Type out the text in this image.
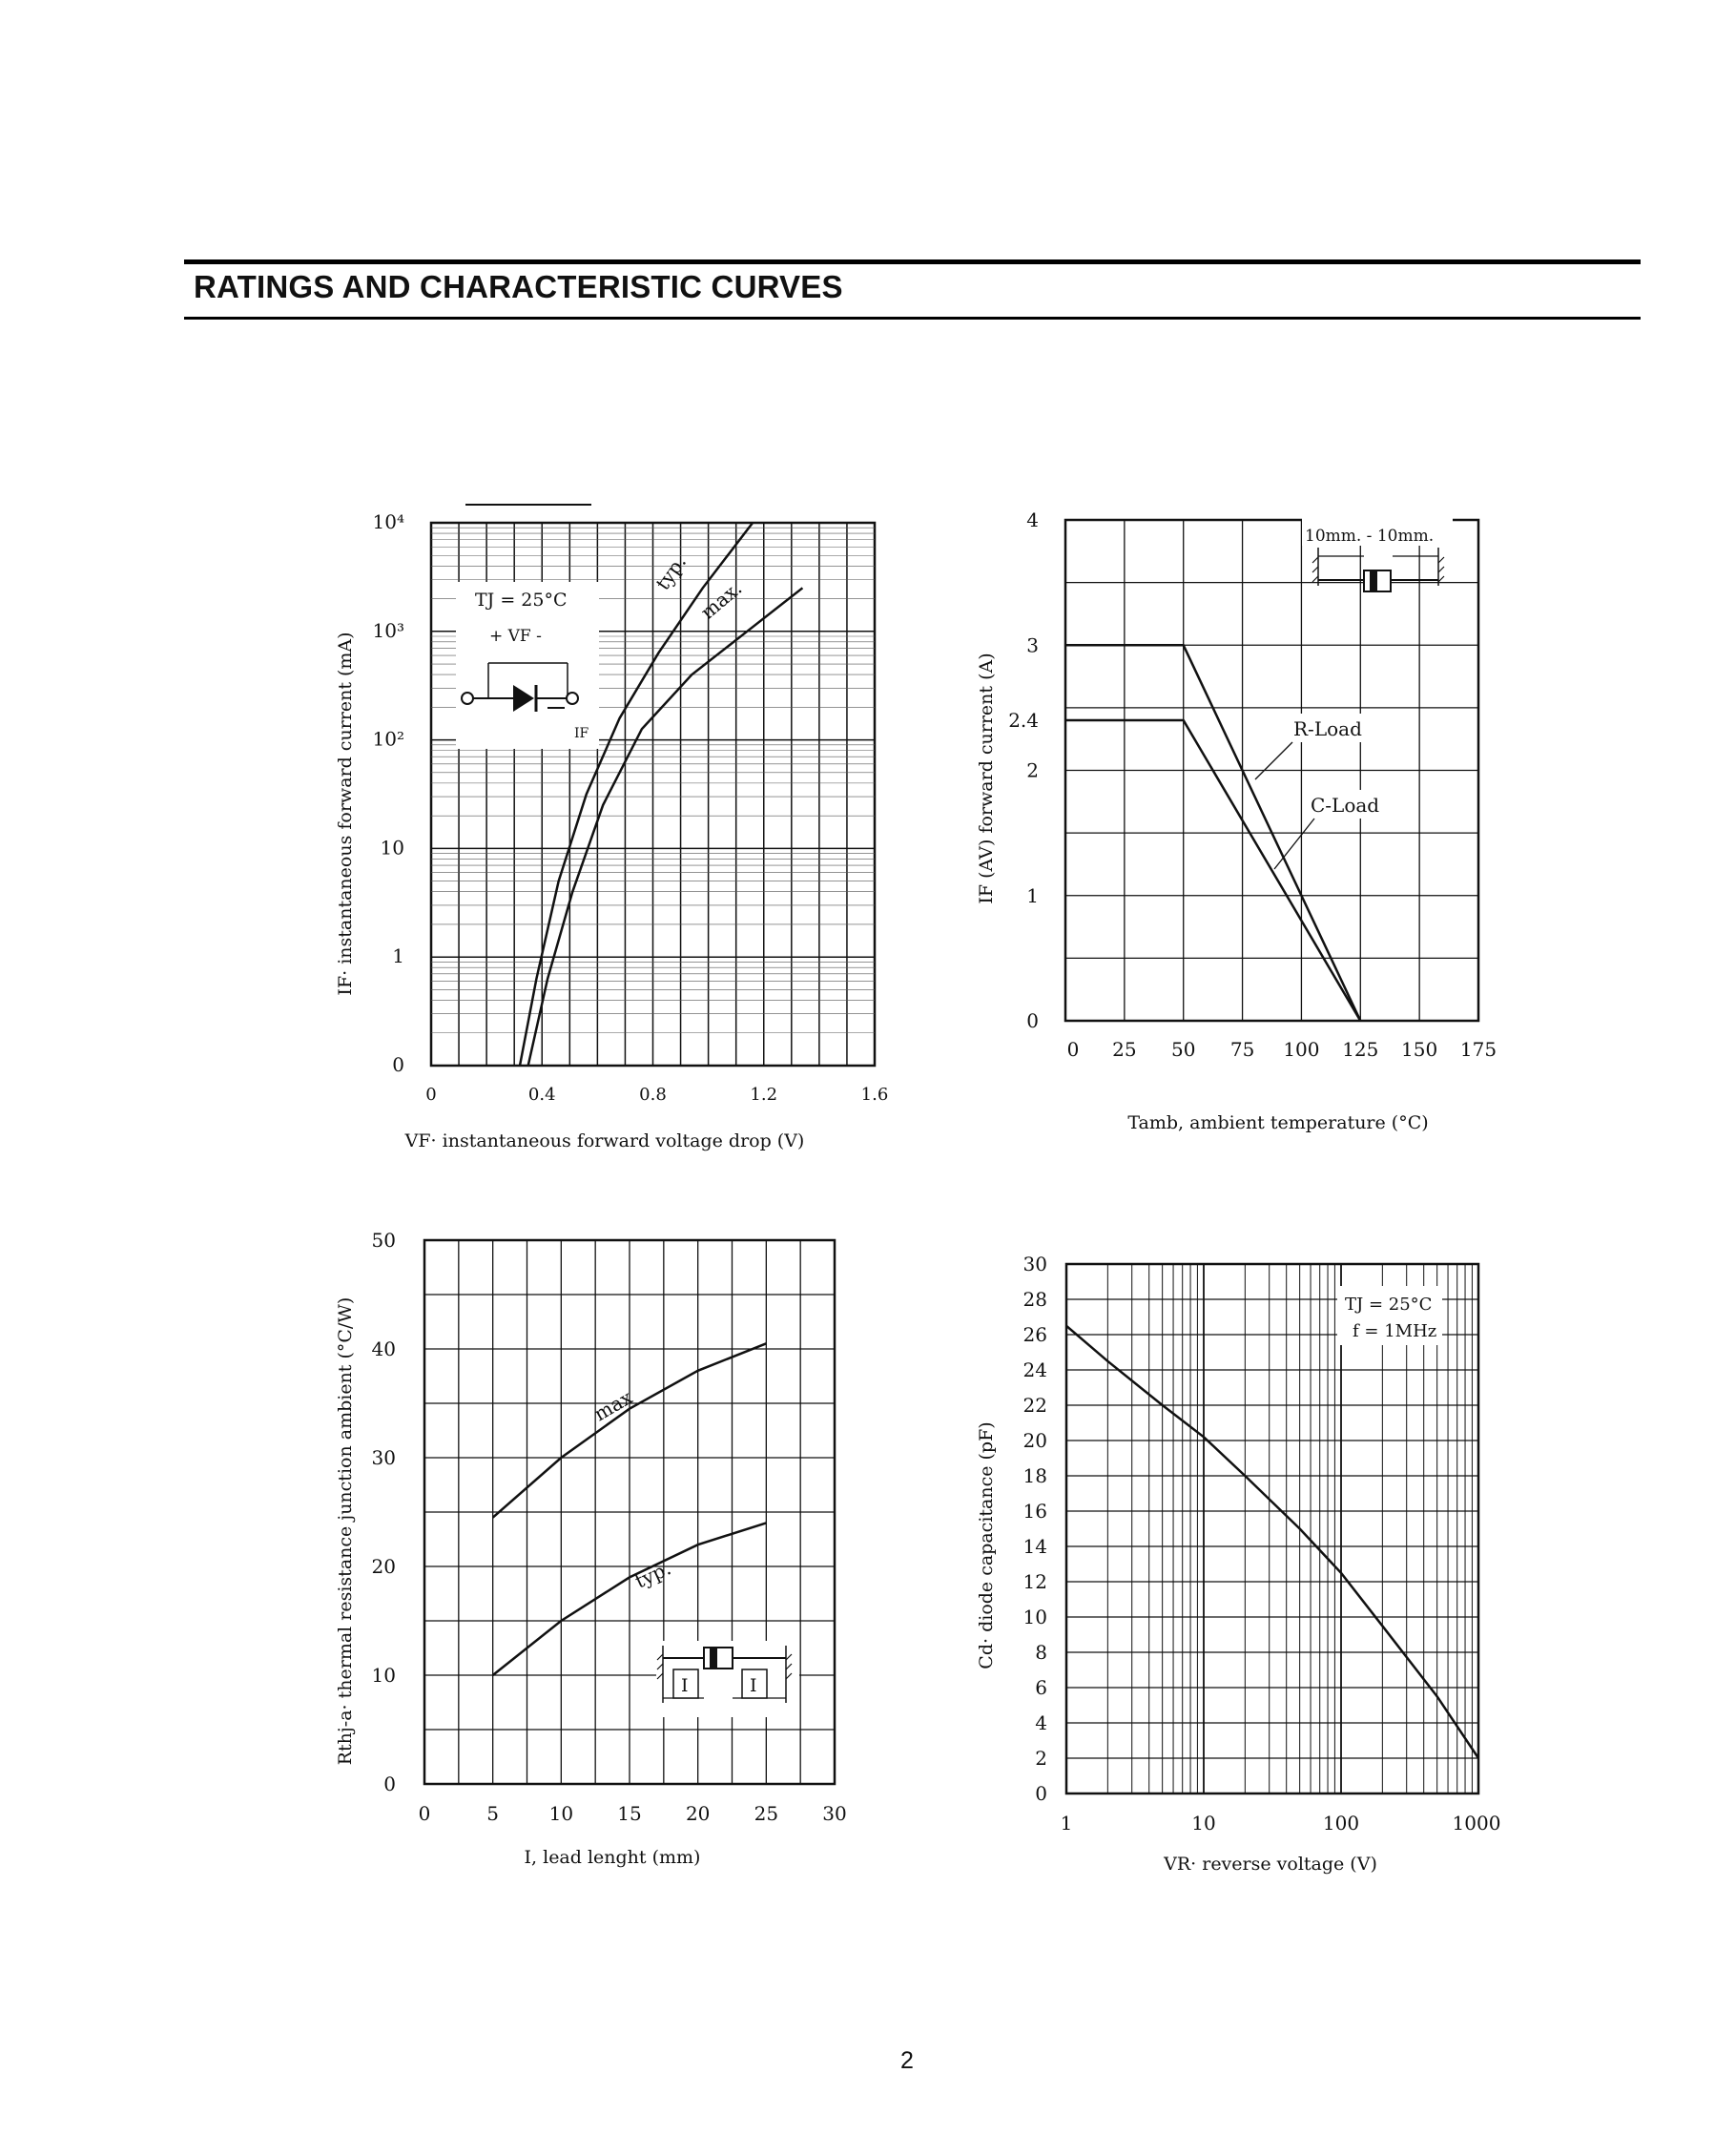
RATINGS AND CHARACTERISTIC CURVES
typ.
max.
0
1
10
10²
10³
10⁴
0	0.4	0.8	1.2	1.6
TJ = 25°C
+ VF -
IF
IF· instantaneous forward current (mA)
VF· instantaneous forward voltage drop (V)
0
1
2
2.4
3
4
0 25 50 75 100 125 150 175
10mm. - 10mm.
R-Load
C-Load
IF (AV) forward current (A)
Tamb, ambient temperature (°C)
max
typ.
0
10
20
30
40
50
0	5	10 15 20 25 30
I	I
Rthj-a· thermal resistance junction ambient (°C/W)
I, lead lenght (mm)
0
2
4
6
8
10
12
14
16
18
20
22
24
26
28
30
1	10	100	1000
TJ = 25°C
f = 1MHz
Cd· diode capacitance (pF)
VR· reverse voltage (V)
2
